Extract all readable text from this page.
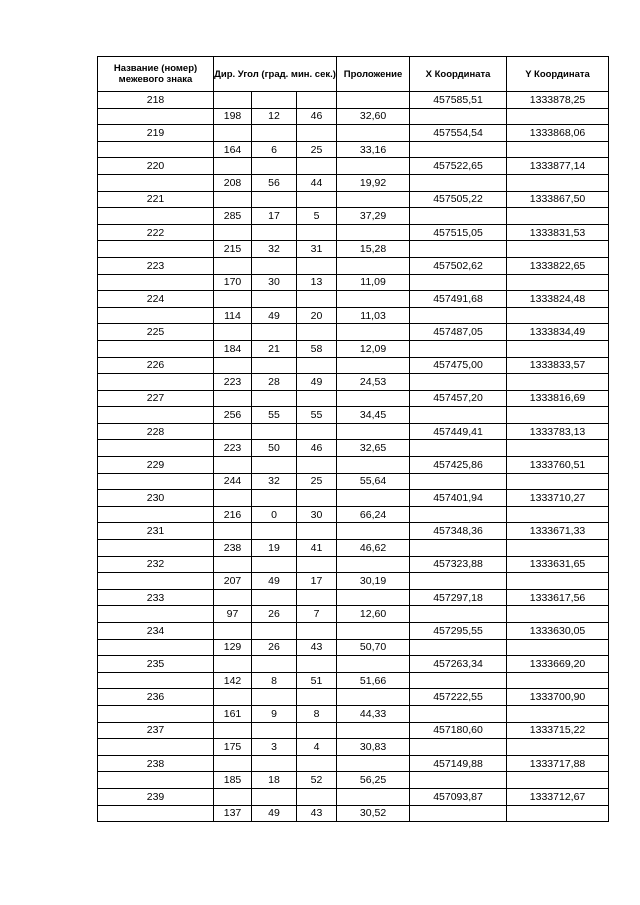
Название (номер) межевого знака	Дир. Угол (град. мин. сек.)			Проложение	X Координата	Y Координата
218					457585,51	1333878,25
	198	12	46	32,60		
219					457554,54	1333868,06
	164	6	25	33,16		
220					457522,65	1333877,14
	208	56	44	19,92		
221					457505,22	1333867,50
	285	17	5	37,29		
222					457515,05	1333831,53
	215	32	31	15,28		
223					457502,62	1333822,65
	170	30	13	11,09		
224					457491,68	1333824,48
	114	49	20	11,03		
225					457487,05	1333834,49
	184	21	58	12,09		
226					457475,00	1333833,57
	223	28	49	24,53		
227					457457,20	1333816,69
	256	55	55	34,45		
228					457449,41	1333783,13
	223	50	46	32,65		
229					457425,86	1333760,51
	244	32	25	55,64		
230					457401,94	1333710,27
	216	0	30	66,24		
231					457348,36	1333671,33
	238	19	41	46,62		
232					457323,88	1333631,65
	207	49	17	30,19		
233					457297,18	1333617,56
	97	26	7	12,60		
234					457295,55	1333630,05
	129	26	43	50,70		
235					457263,34	1333669,20
	142	8	51	51,66		
236					457222,55	1333700,90
	161	9	8	44,33		
237					457180,60	1333715,22
	175	3	4	30,83		
238					457149,88	1333717,88
	185	18	52	56,25		
239					457093,87	1333712,67
	137	49	43	30,52		
